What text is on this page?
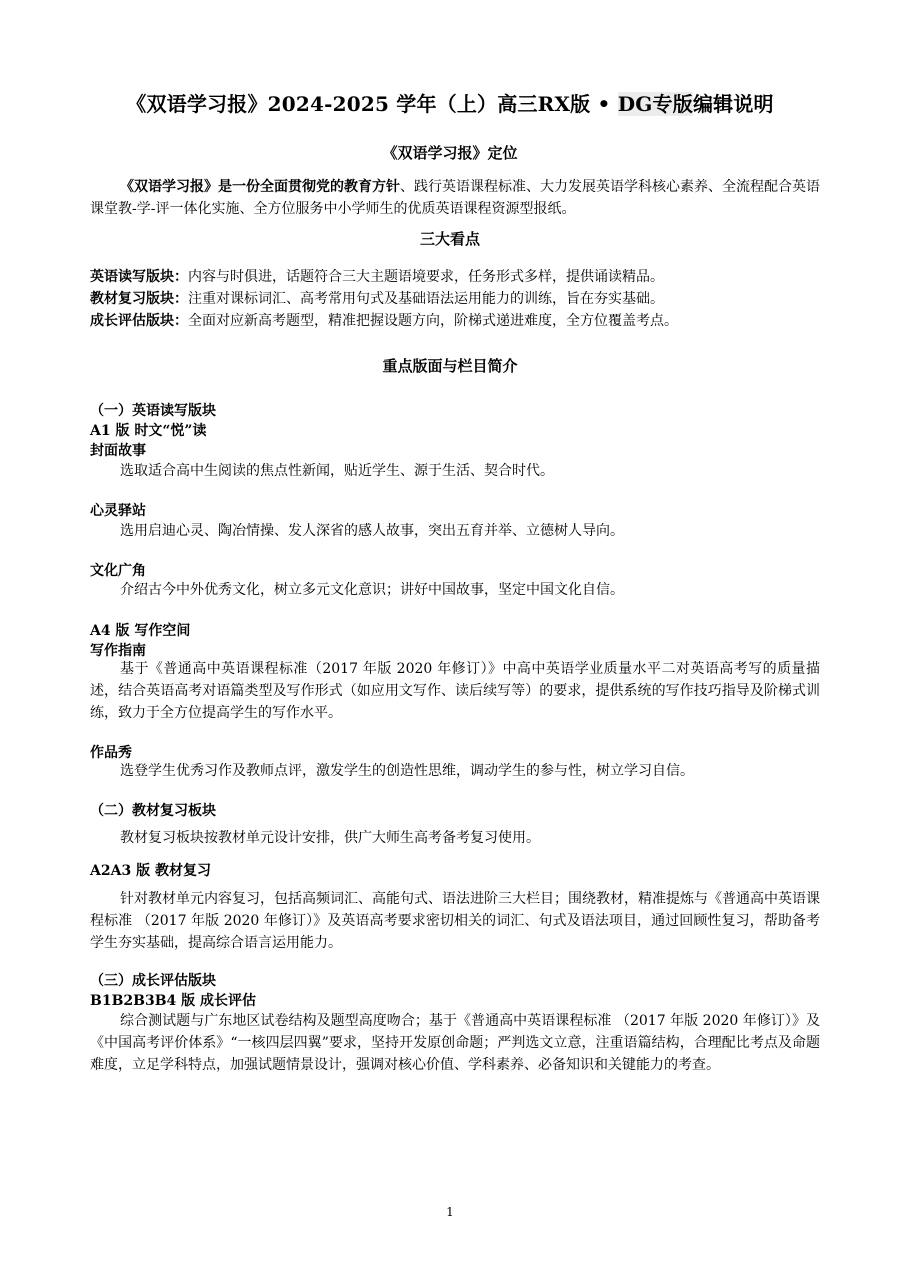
《双语学习报》2024-2025 学年（上）高三RX版 • DG专版编辑说明
《双语学习报》定位
《双语学习报》是一份全面贯彻党的教育方针、践行英语课程标准、大力发展英语学科核心素养、全流程配合英语课堂教-学-评一体化实施、全方位服务中小学师生的优质英语课程资源型报纸。
三大看点
英语读写版块：内容与时俱进，话题符合三大主题语境要求，任务形式多样，提供诵读精品。
教材复习版块：注重对课标词汇、高考常用句式及基础语法运用能力的训练，旨在夯实基础。
成长评估版块：全面对应新高考题型，精准把握设题方向，阶梯式递进难度，全方位覆盖考点。
重点版面与栏目简介
（一）英语读写版块
A1 版 时文“悦”读
封面故事
选取适合高中生阅读的焦点性新闻，贴近学生、源于生活、契合时代。
心灵驿站
选用启迪心灵、陶冶情操、发人深省的感人故事，突出五育并举、立德树人导向。
文化广角
介绍古今中外优秀文化，树立多元文化意识；讲好中国故事，坚定中国文化自信。
A4 版 写作空间
写作指南
基于《普通高中英语课程标准（2017 年版 2020 年修订）》中高中英语学业质量水平二对英语高考写的质量描述，结合英语高考对语篇类型及写作形式（如应用文写作、读后续写等）的要求，提供系统的写作技巧指导及阶梯式训练，致力于全方位提高学生的写作水平。
作品秀
选登学生优秀习作及教师点评，激发学生的创造性思维，调动学生的参与性，树立学习自信。
（二）教材复习板块
教材复习板块按教材单元设计安排，供广大师生高考备考复习使用。
A2A3 版 教材复习
针对教材单元内容复习，包括高频词汇、高能句式、语法进阶三大栏目；围绕教材，精准提炼与《普通高中英语课程标准 （2017 年版 2020 年修订）》及英语高考要求密切相关的词汇、句式及语法项目，通过回顾性复习，帮助备考学生夯实基础，提高综合语言运用能力。
（三）成长评估版块
B1B2B3B4 版 成长评估
综合测试题与广东地区试卷结构及题型高度吻合；基于《普通高中英语课程标准 （2017 年版 2020 年修订）》及《中国高考评价体系》“一核四层四翼”要求，坚持开发原创命题；严判选文立意，注重语篇结构，合理配比考点及命题难度，立足学科特点，加强试题情景设计，强调对核心价值、学科素养、必备知识和关键能力的考查。
1
